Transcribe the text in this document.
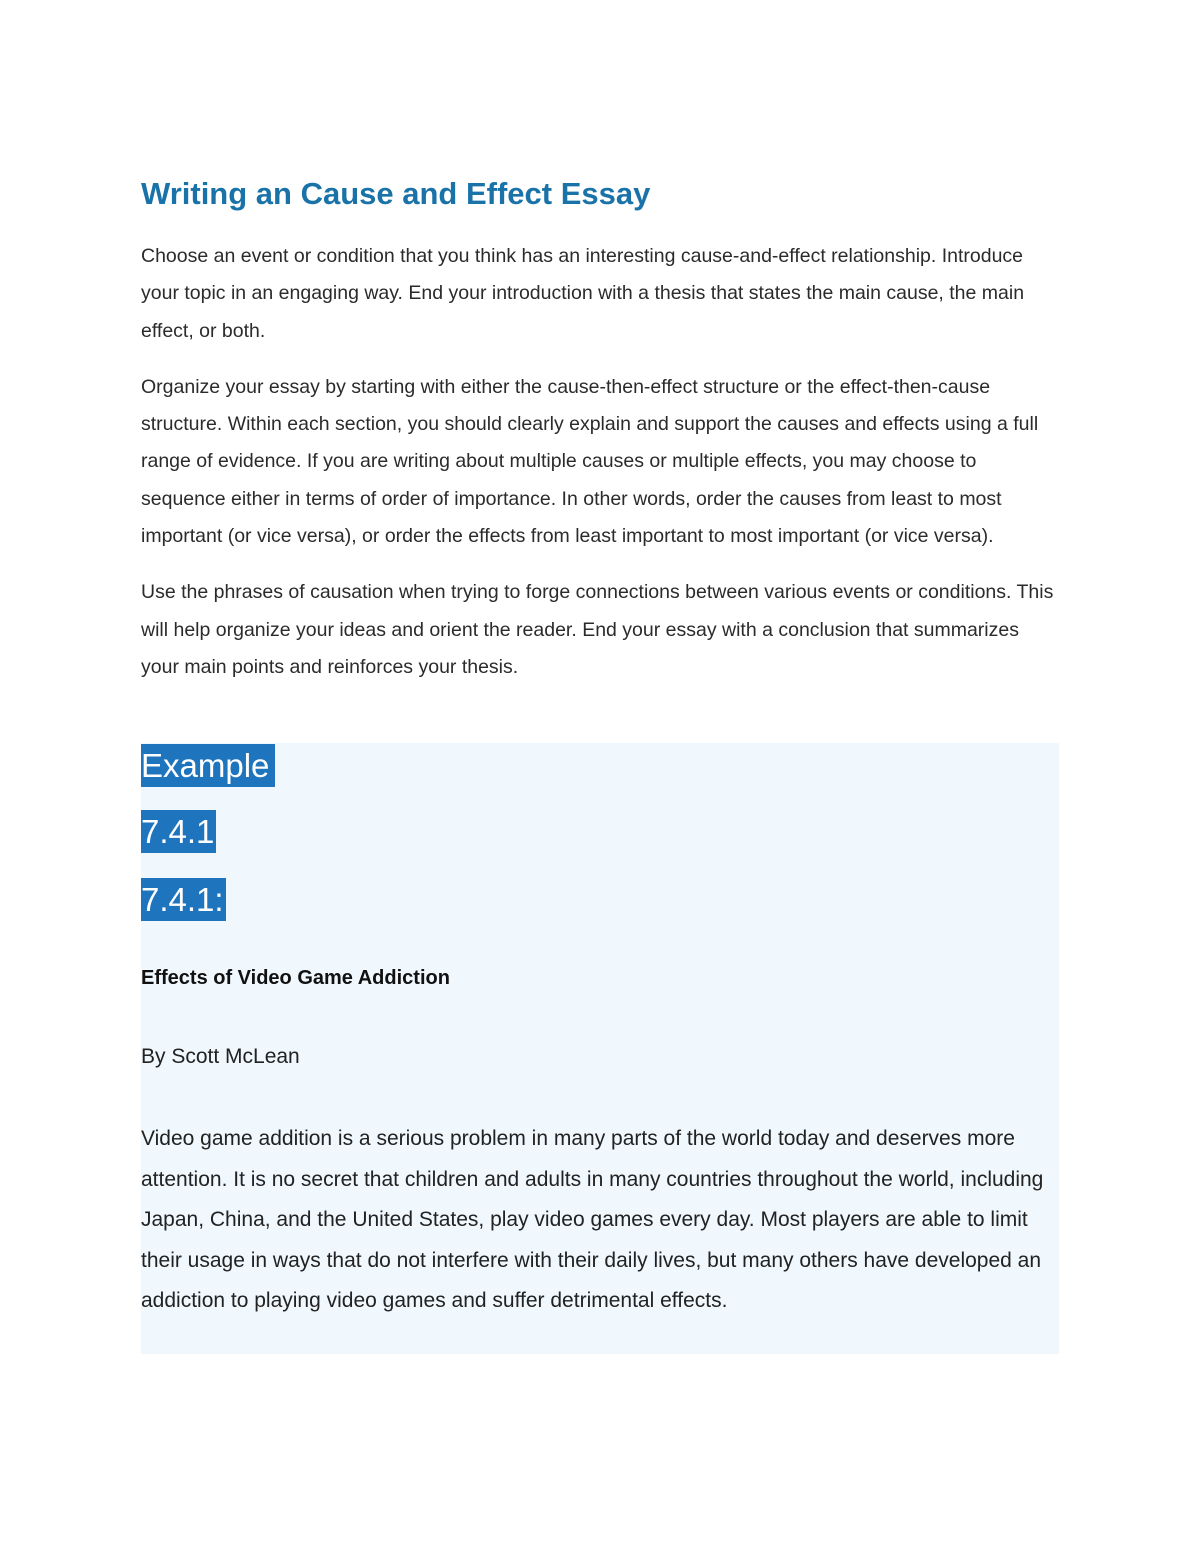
Writing an Cause and Effect Essay

Choose an event or condition that you think has an interesting cause-and-effect relationship. Introduce your topic in an engaging way. End your introduction with a thesis that states the main cause, the main effect, or both.

Organize your essay by starting with either the cause-then-effect structure or the effect-then-cause structure. Within each section, you should clearly explain and support the causes and effects using a full range of evidence. If you are writing about multiple causes or multiple effects, you may choose to sequence either in terms of order of importance. In other words, order the causes from least to most important (or vice versa), or order the effects from least important to most important (or vice versa).

Use the phrases of causation when trying to forge connections between various events or conditions. This will help organize your ideas and orient the reader. End your essay with a conclusion that summarizes your main points and reinforces your thesis.

Example
7.4.1
7.4.1:
Effects of Video Game Addiction
By Scott McLean
Video game addition is a serious problem in many parts of the world today and deserves more attention. It is no secret that children and adults in many countries throughout the world, including Japan, China, and the United States, play video games every day. Most players are able to limit their usage in ways that do not interfere with their daily lives, but many others have developed an addiction to playing video games and suffer detrimental effects.
